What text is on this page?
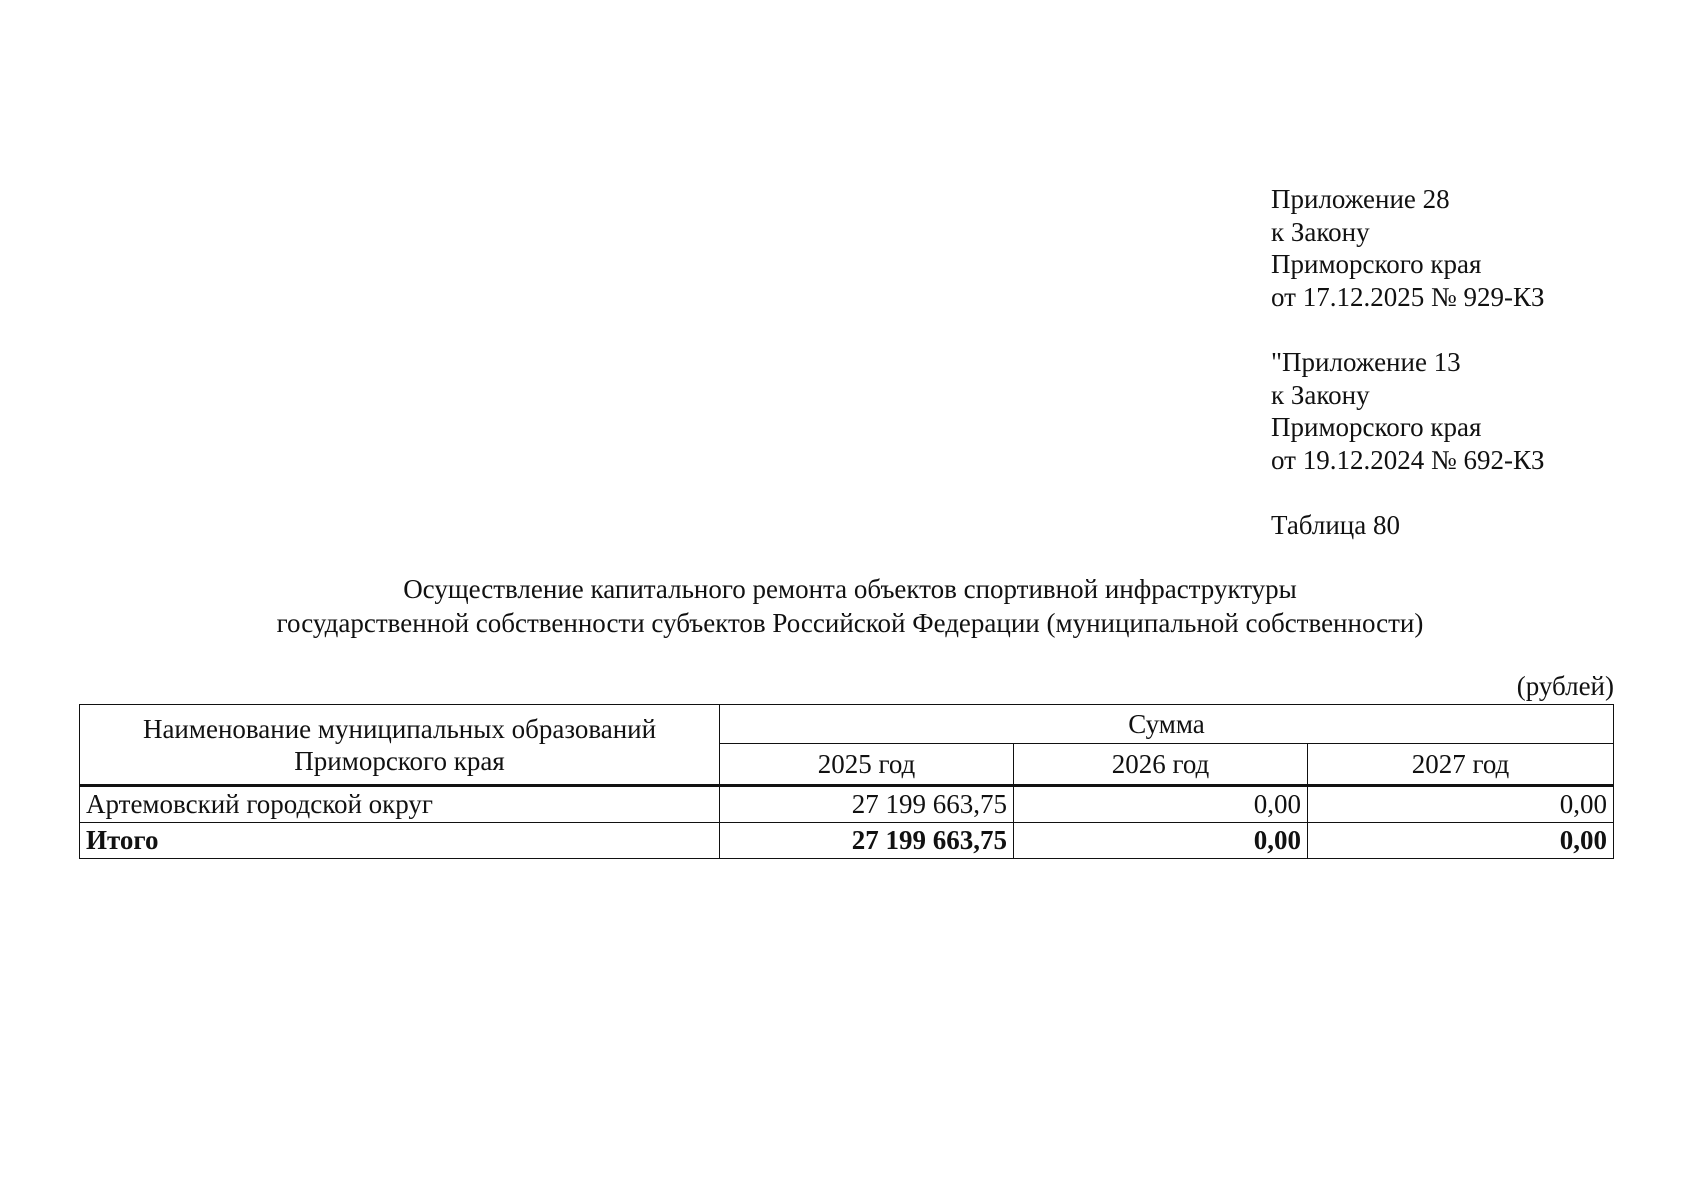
Приложение 28
к Закону
Приморского края
от 17.12.2025 № 929-КЗ
"Приложение 13
к Закону
Приморского края
от 19.12.2024 № 692-КЗ
Таблица 80
Осуществление капитального ремонта объектов спортивной инфраструктуры
государственной собственности субъектов Российской Федерации (муниципальной собственности)
(рублей)
Наименование муниципальных образований Приморского края	Сумма		
	2025 год	2026 год	2027 год
Артемовский городской округ	27 199 663,75	0,00	0,00
Итого	27 199 663,75	0,00	0,00
